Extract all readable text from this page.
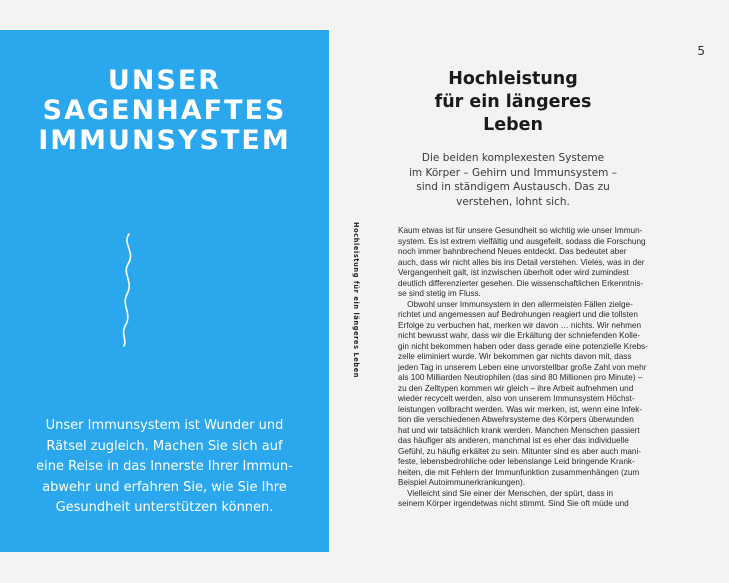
UNSER
SAGENHAFTES
IMMUNSYSTEM

Unser Immunsystem ist Wunder und
Rätsel zugleich. Machen Sie sich auf
eine Reise in das Innerste Ihrer Immun-
abwehr und erfahren Sie, wie Sie Ihre
Gesundheit unterstützen können.

5
Hochleistung
für ein längeres
Leben

Die beiden komplexesten Systeme
im Körper – Gehirn und Immunsystem –
sind in ständigem Austausch. Das zu
verstehen, lohnt sich.

Kaum etwas ist für unsere Gesundheit so wichtig wie unser Immun-
system. Es ist extrem vielfältig und ausgefeilt, sodass die Forschung
noch immer bahnbrechend Neues entdeckt. Das bedeutet aber
auch, dass wir nicht alles bis ins Detail verstehen. Vieles, was in der
Vergangenheit galt, ist inzwischen überholt oder wird zumindest
deutlich differenzierter gesehen. Die wissenschaftlichen Erkenntnis-
se sind stetig im Fluss.
Obwohl unser Immunsystem in den allermeisten Fällen zielge-
richtet und angemessen auf Bedrohungen reagiert und die tollsten
Erfolge zu verbuchen hat, merken wir davon … nichts. Wir nehmen
nicht bewusst wahr, dass wir die Erkältung der schniefenden Kolle-
gin nicht bekommen haben oder dass gerade eine potenzielle Krebs-
zelle eliminiert wurde. Wir bekommen gar nichts davon mit, dass
jeden Tag in unserem Leben eine unvorstellbar große Zahl von mehr
als 100 Milliarden Neutrophilen (das sind 80 Millionen pro Minute) –
zu den Zelltypen kommen wir gleich – ihre Arbeit aufnehmen und
wieder recycelt werden, also von unserem Immunsystem Höchst-
leistungen vollbracht werden. Was wir merken, ist, wenn eine Infek-
tion die verschiedenen Abwehrsysteme des Körpers überwunden
hat und wir tatsächlich krank werden. Manchen Menschen passiert
das häufiger als anderen, manchmal ist es eher das individuelle
Gefühl, zu häufig erkältet zu sein. Mitunter sind es aber auch mani-
feste, lebensbedrohliche oder lebenslange Leid bringende Krank-
heiten, die mit Fehlern der Immunfunktion zusammenhängen (zum
Beispiel Autoimmunerkrankungen).
Vielleicht sind Sie einer der Menschen, der spürt, dass in
seinem Körper irgendetwas nicht stimmt. Sind Sie oft müde und
Hochleistung für ein längeres Leben
